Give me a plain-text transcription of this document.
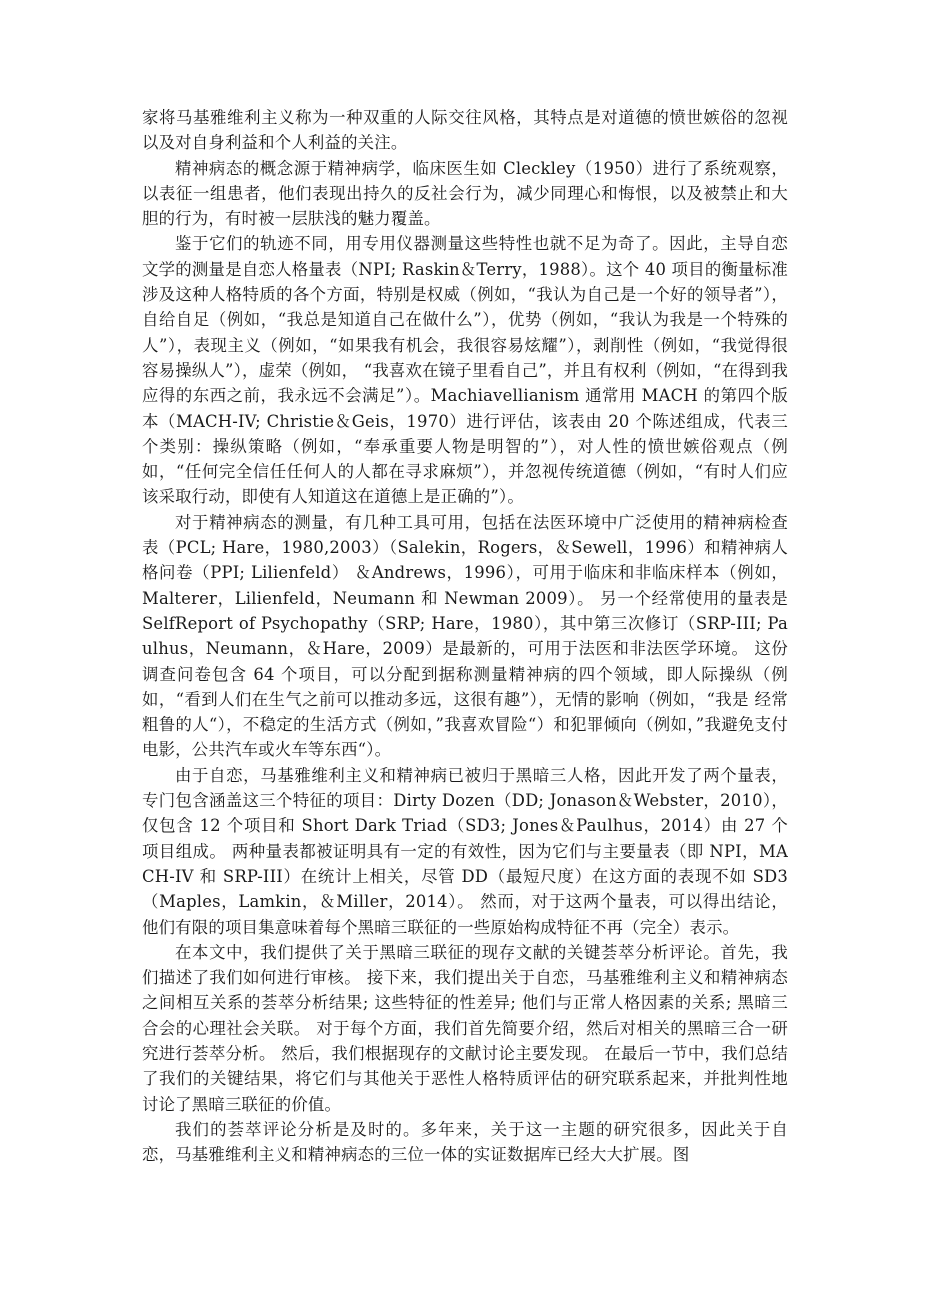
家将马基雅维利主义称为一种双重的人际交往风格，其特点是对道德的愤世嫉俗的忽视以及对自身利益和个人利益的关注。

精神病态的概念源于精神病学，临床医生如 Cleckley（1950）进行了系统观察，以表征一组患者，他们表现出持久的反社会行为，减少同理心和悔恨，以及被禁止和大胆的行为，有时被一层肤浅的魅力覆盖。

鉴于它们的轨迹不同，用专用仪器测量这些特性也就不足为奇了。因此，主导自恋文学的测量是自恋人格量表（NPI; Raskin＆Terry，1988）。这个 40 项目的衡量标准涉及这种人格特质的各个方面，特别是权威（例如，“我认为自己是一个好的领导者”），自给自足（例如，“我总是知道自己在做什么”），优势（例如，“我认为我是一个特殊的人”），表现主义（例如，“如果我有机会，我很容易炫耀”），剥削性（例如，“我觉得很容易操纵人”），虚荣（例如， “我喜欢在镜子里看自己”，并且有权利（例如，“在得到我应得的东西之前，我永远不会满足”）。Machiavellianism 通常用 MACH 的第四个版本（MACH-IV; Christie＆Geis，1970）进行评估，该表由 20 个陈述组成，代表三个类别：操纵策略（例如，“奉承重要人物是明智的”），对人性的愤世嫉俗观点（例如，“任何完全信任任何人的人都在寻求麻烦”），并忽视传统道德（例如，“有时人们应该采取行动，即使有人知道这在道德上是正确的”）。

对于精神病态的测量，有几种工具可用，包括在法医环境中广泛使用的精神病检查表（PCL; Hare，1980,2003）（Salekin，Rogers，＆Sewell，1996）和精神病人格问卷（PPI; Lilienfeld） ＆Andrews，1996），可用于临床和非临床样本（例如，Malterer，Lilienfeld，Neumann 和 Newman 2009）。 另一个经常使用的量表是 SelfReport of Psychopathy（SRP; Hare，1980），其中第三次修订（SRP-III; Paulhus，Neumann，＆Hare，2009）是最新的，可用于法医和非法医学环境。 这份调查问卷包含 64 个项目，可以分配到据称测量精神病的四个领域，即人际操纵（例如，“看到人们在生气之前可以推动多远，这很有趣”），无情的影响（例如，“我是 经常粗鲁的人“），不稳定的生活方式（例如，”我喜欢冒险“）和犯罪倾向（例如，”我避免支付电影，公共汽车或火车等东西“）。

由于自恋，马基雅维利主义和精神病已被归于黑暗三人格，因此开发了两个量表，专门包含涵盖这三个特征的项目：Dirty Dozen（DD; Jonason＆Webster，2010），仅包含 12 个项目和 Short Dark Triad（SD3; Jones＆Paulhus，2014）由 27 个项目组成。 两种量表都被证明具有一定的有效性，因为它们与主要量表（即 NPI，MACH-IV 和 SRP-III）在统计上相关，尽管 DD（最短尺度）在这方面的表现不如 SD3（Maples，Lamkin，＆Miller，2014）。 然而，对于这两个量表，可以得出结论，他们有限的项目集意味着每个黑暗三联征的一些原始构成特征不再（完全）表示。

在本文中，我们提供了关于黑暗三联征的现存文献的关键荟萃分析评论。首先，我们描述了我们如何进行审核。 接下来，我们提出关于自恋，马基雅维利主义和精神病态之间相互关系的荟萃分析结果; 这些特征的性差异; 他们与正常人格因素的关系; 黑暗三合会的心理社会关联。 对于每个方面，我们首先简要介绍，然后对相关的黑暗三合一研究进行荟萃分析。 然后，我们根据现存的文献讨论主要发现。 在最后一节中，我们总结了我们的关键结果，将它们与其他关于恶性人格特质评估的研究联系起来，并批判性地讨论了黑暗三联征的价值。

我们的荟萃评论分析是及时的。多年来，关于这一主题的研究很多，因此关于自恋，马基雅维利主义和精神病态的三位一体的实证数据库已经大大扩展。图
